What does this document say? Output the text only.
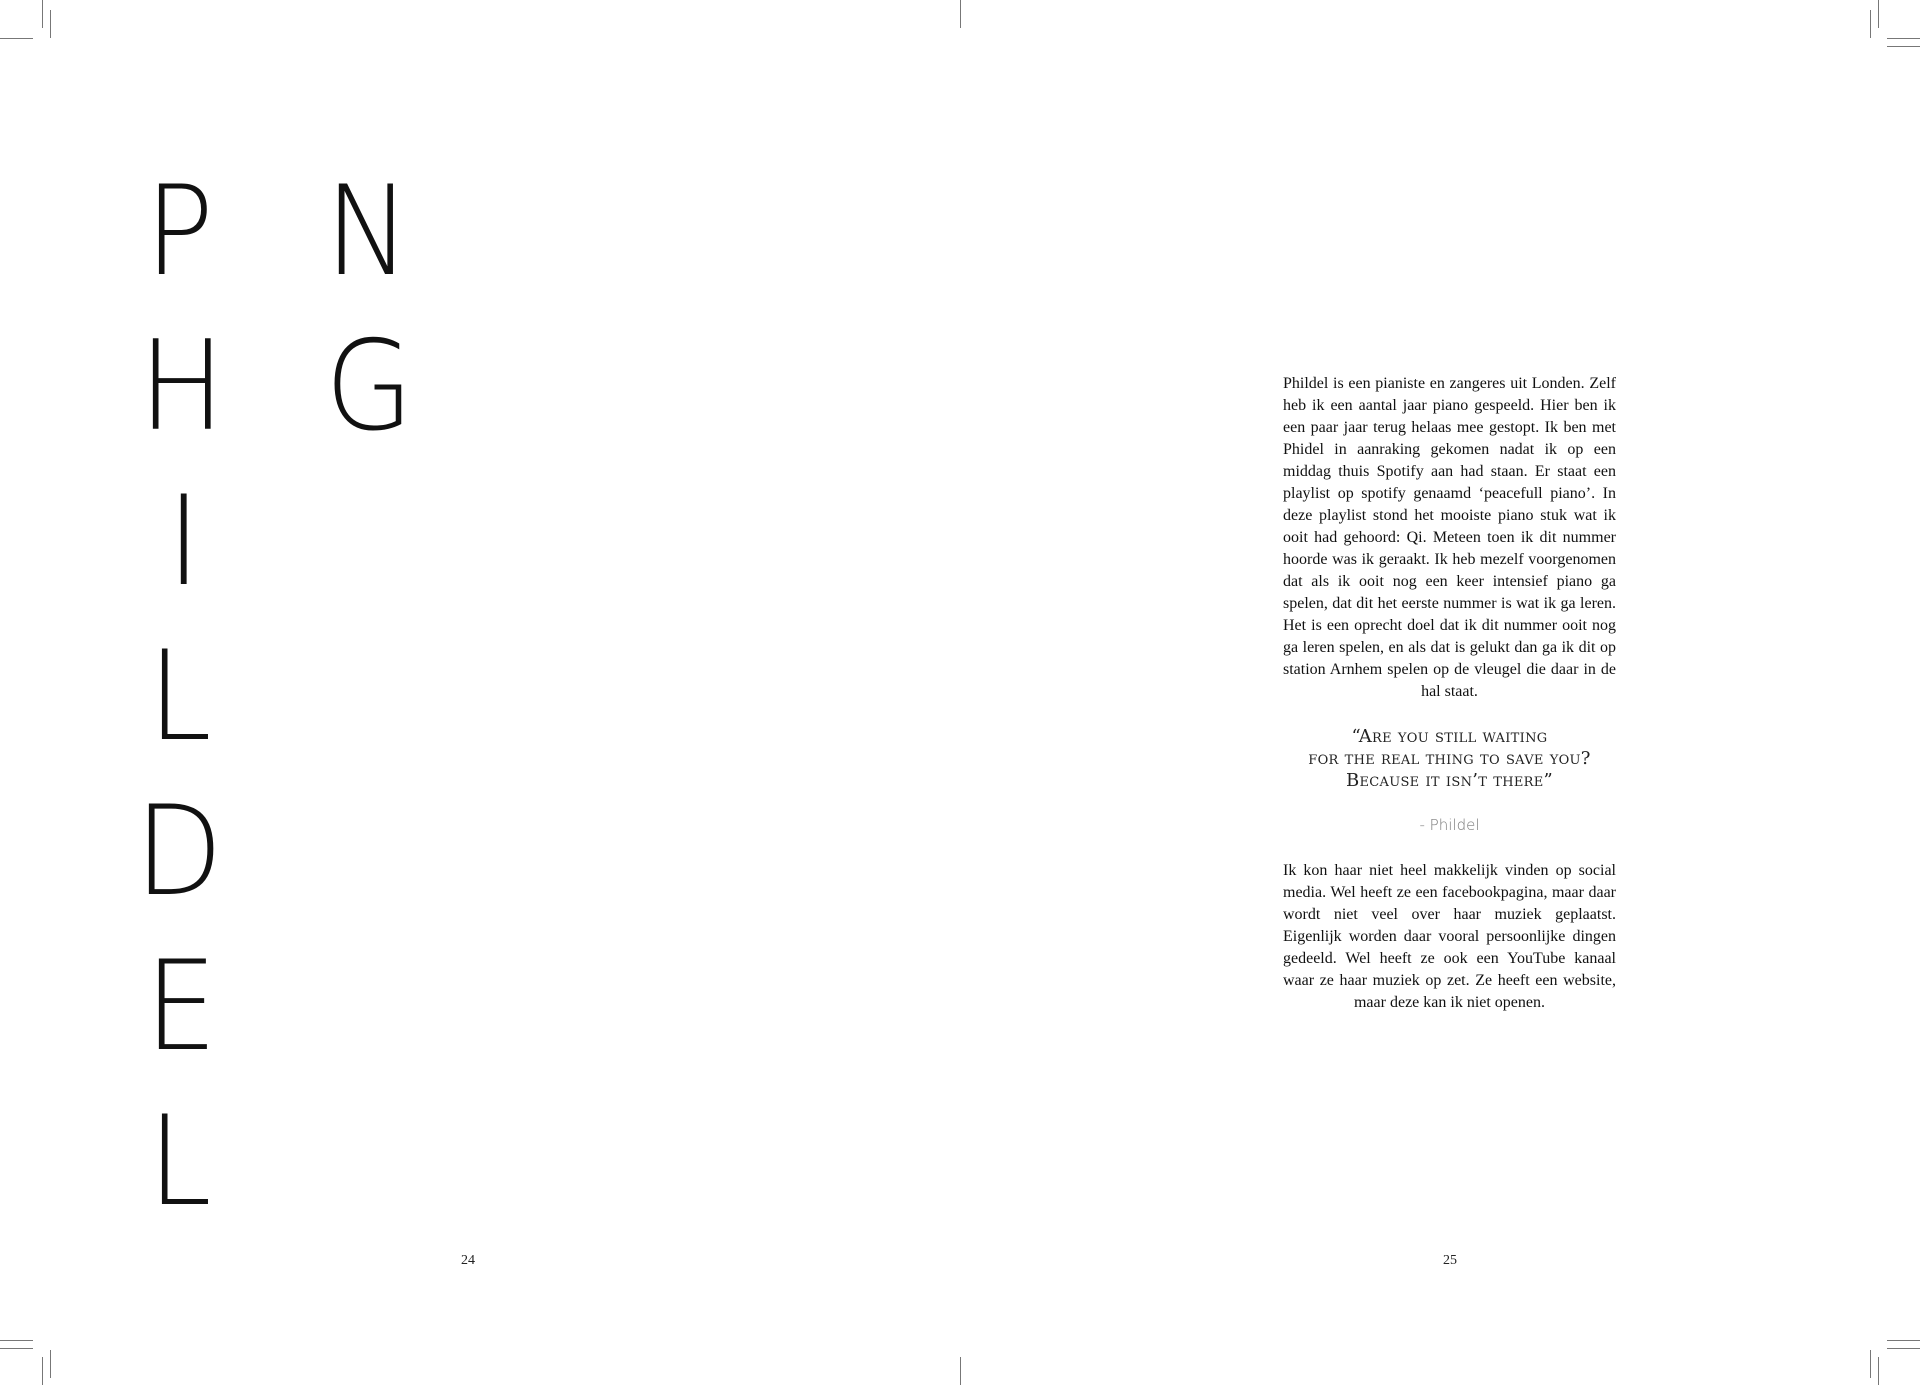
P

H

I

L

D

E

L

N

G

24

Phildel is een pianiste en zangeres uit Londen. Zelf heb ik een aantal jaar piano gespeeld. Hier ben ik een paar jaar terug helaas mee gestopt. Ik ben met Phidel in aanraking gekomen nadat ik op een middag thuis Spotify aan had staan. Er staat een playlist op spotify genaamd ‘peacefull piano’. In deze playlist stond het mooiste piano stuk wat ik ooit had gehoord: Qi. Meteen toen ik dit nummer hoorde was ik geraakt. Ik heb mezelf voorgenomen dat als ik ooit nog een keer intensief piano ga spelen, dat dit het eerste nummer is wat ik ga leren. Het is een oprecht doel dat ik dit nummer ooit nog ga leren spelen, en als dat is gelukt dan ga ik dit op station Arnhem spelen op de vleugel die daar in de hal staat.

“Are you still waiting
for the real thing to save you?
Because it isn’t there”

- Phildel

Ik kon haar niet heel makkelijk vinden op social media. Wel heeft ze een facebookpagina, maar daar wordt niet veel over haar muziek geplaatst. Eigenlijk worden daar vooral persoonlijke dingen gedeeld. Wel heeft ze ook een YouTube kanaal waar ze haar muziek op zet. Ze heeft een website, maar deze kan ik niet openen.

25
